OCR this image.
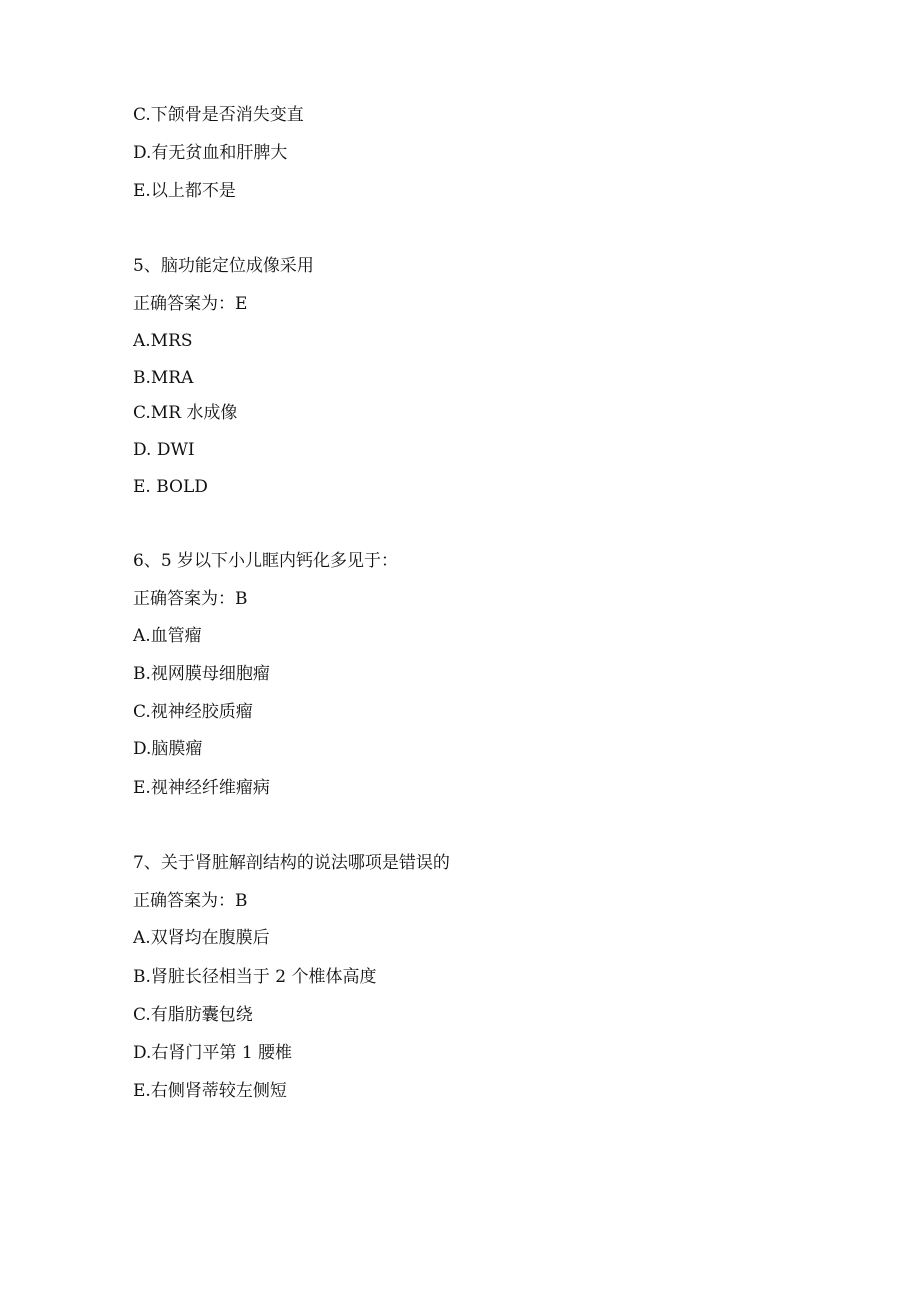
C.下颌骨是否消失变直
D.有无贫血和肝脾大
E.以上都不是
5、脑功能定位成像采用
正确答案为：E
A.MRS
B.MRA
C.MR 水成像
D. DWI
E. BOLD
6、5 岁以下小儿眶内钙化多见于：
正确答案为：B
A.血管瘤
B.视网膜母细胞瘤
C.视神经胶质瘤
D.脑膜瘤
E.视神经纤维瘤病
7、关于肾脏解剖结构的说法哪项是错误的
正确答案为：B
A.双肾均在腹膜后
B.肾脏长径相当于 2 个椎体高度
C.有脂肪囊包绕
D.右肾门平第 1 腰椎
E.右侧肾蒂较左侧短
